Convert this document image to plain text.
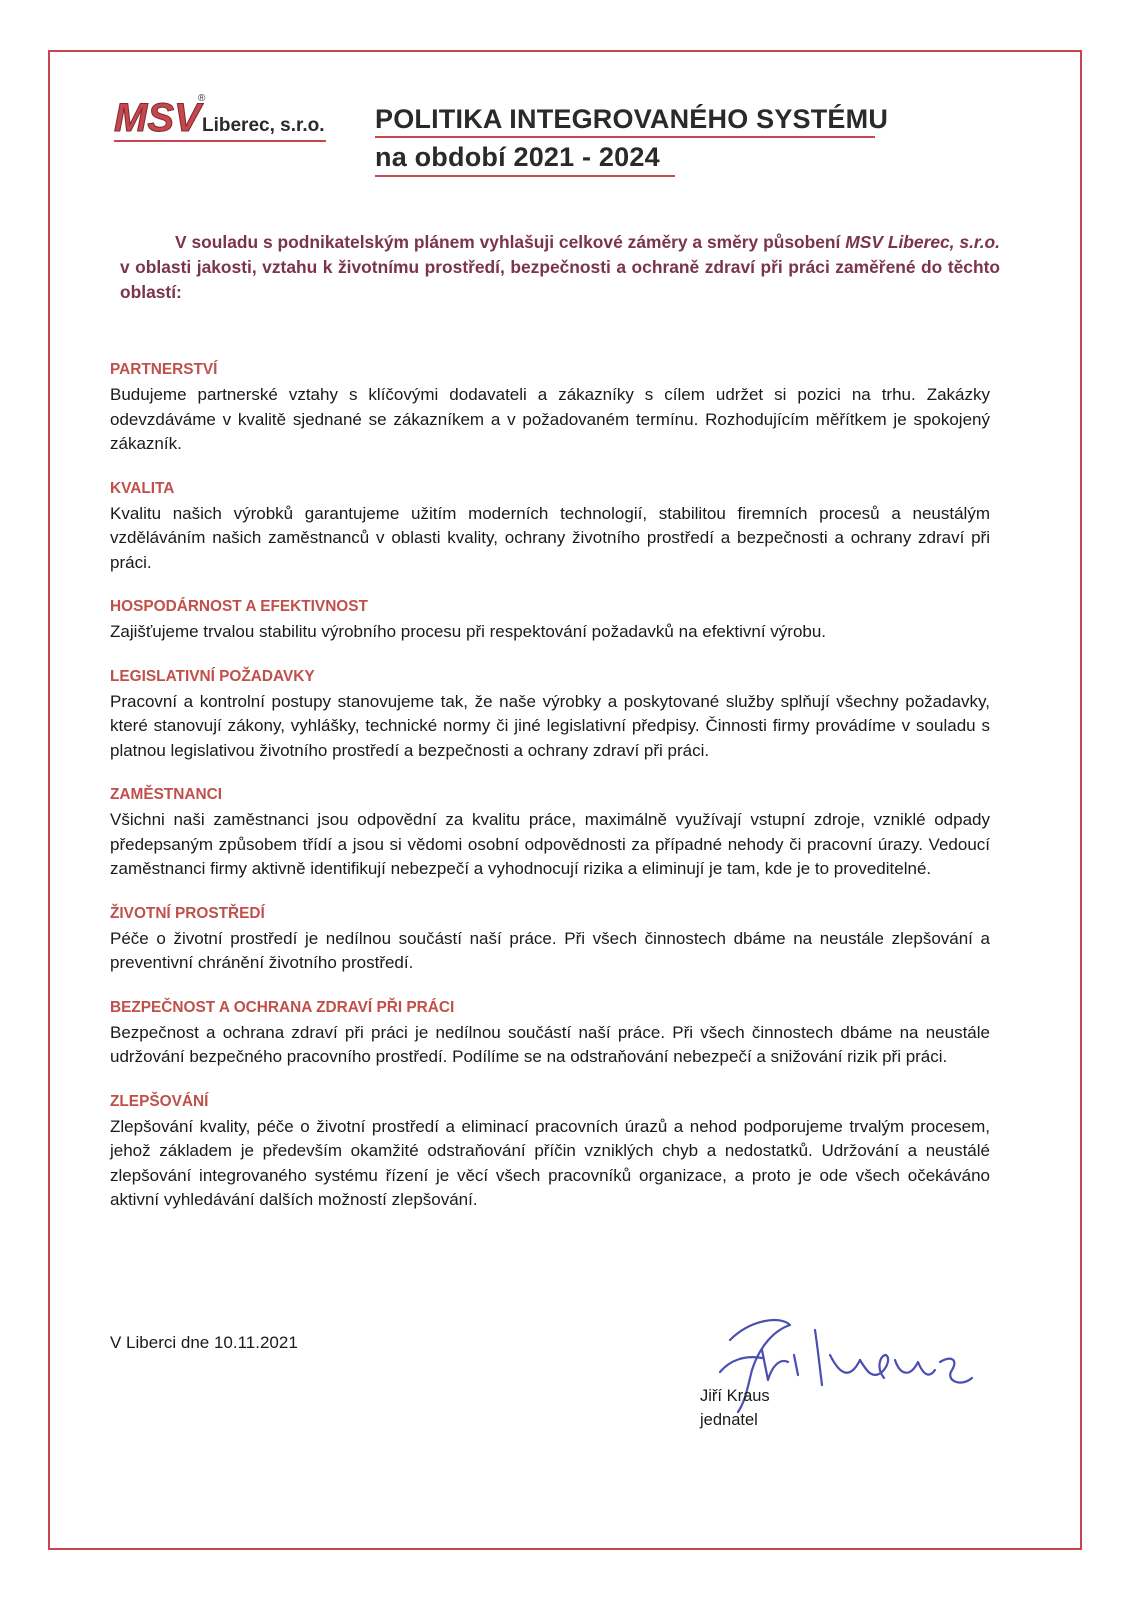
MSV
®
Liberec, s.r.o. POLITIKA INTEGROVANÉHO SYSTÉMU
na období 2021 - 2024
V souladu s podnikatelským plánem vyhlašuji celkové záměry a směry působení MSV Liberec, s.r.o. v oblasti jakosti, vztahu k životnímu prostředí, bezpečnosti a ochraně zdraví při práci zaměřené do těchto oblastí:
PARTNERSTVÍ

Budujeme partnerské vztahy s klíčovými dodavateli a zákazníky s cílem udržet si pozici na trhu. Zakázky odevzdáváme v kvalitě sjednané se zákazníkem a v požadovaném termínu. Rozhodujícím měřítkem je spokojený zákazník.

KVALITA

Kvalitu našich výrobků garantujeme užitím moderních technologií, stabilitou firemních procesů a neustálým vzděláváním našich zaměstnanců v oblasti kvality, ochrany životního prostředí a bezpečnosti a ochrany zdraví při práci.

HOSPODÁRNOST A EFEKTIVNOST

Zajišťujeme trvalou stabilitu výrobního procesu při respektování požadavků na efektivní výrobu.

LEGISLATIVNÍ POŽADAVKY

Pracovní a kontrolní postupy stanovujeme tak, že naše výrobky a poskytované služby splňují všechny požadavky, které stanovují zákony, vyhlášky, technické normy či jiné legislativní předpisy. Činnosti firmy provádíme v souladu s platnou legislativou životního prostředí a bezpečnosti a ochrany zdraví při práci.

ZAMĚSTNANCI

Všichni naši zaměstnanci jsou odpovědní za kvalitu práce, maximálně využívají vstupní zdroje, vzniklé odpady předepsaným způsobem třídí a jsou si vědomi osobní odpovědnosti za případné nehody či pracovní úrazy. Vedoucí zaměstnanci firmy aktivně identifikují nebezpečí a vyhodnocují rizika a eliminují je tam, kde je to proveditelné.

ŽIVOTNÍ PROSTŘEDÍ

Péče o životní prostředí je nedílnou součástí naší práce. Při všech činnostech dbáme na neustále zlepšování a preventivní chránění životního prostředí.

BEZPEČNOST A OCHRANA ZDRAVÍ PŘI PRÁCI

Bezpečnost a ochrana zdraví při práci je nedílnou součástí naší práce. Při všech činnostech dbáme na neustále udržování bezpečného pracovního prostředí. Podílíme se na odstraňování nebezpečí a snižování rizik při práci.

ZLEPŠOVÁNÍ

Zlepšování kvality, péče o životní prostředí a eliminací pracovních úrazů a nehod podporujeme trvalým procesem, jehož základem je především okamžité odstraňování příčin vzniklých chyb a nedostatků. Udržování a neustálé zlepšování integrovaného systému řízení je věcí všech pracovníků organizace, a proto je ode všech očekáváno aktivní vyhledávání dalších možností zlepšování.

V Liberci dne 10.11.2021
Jiří Kraus
jednatel
